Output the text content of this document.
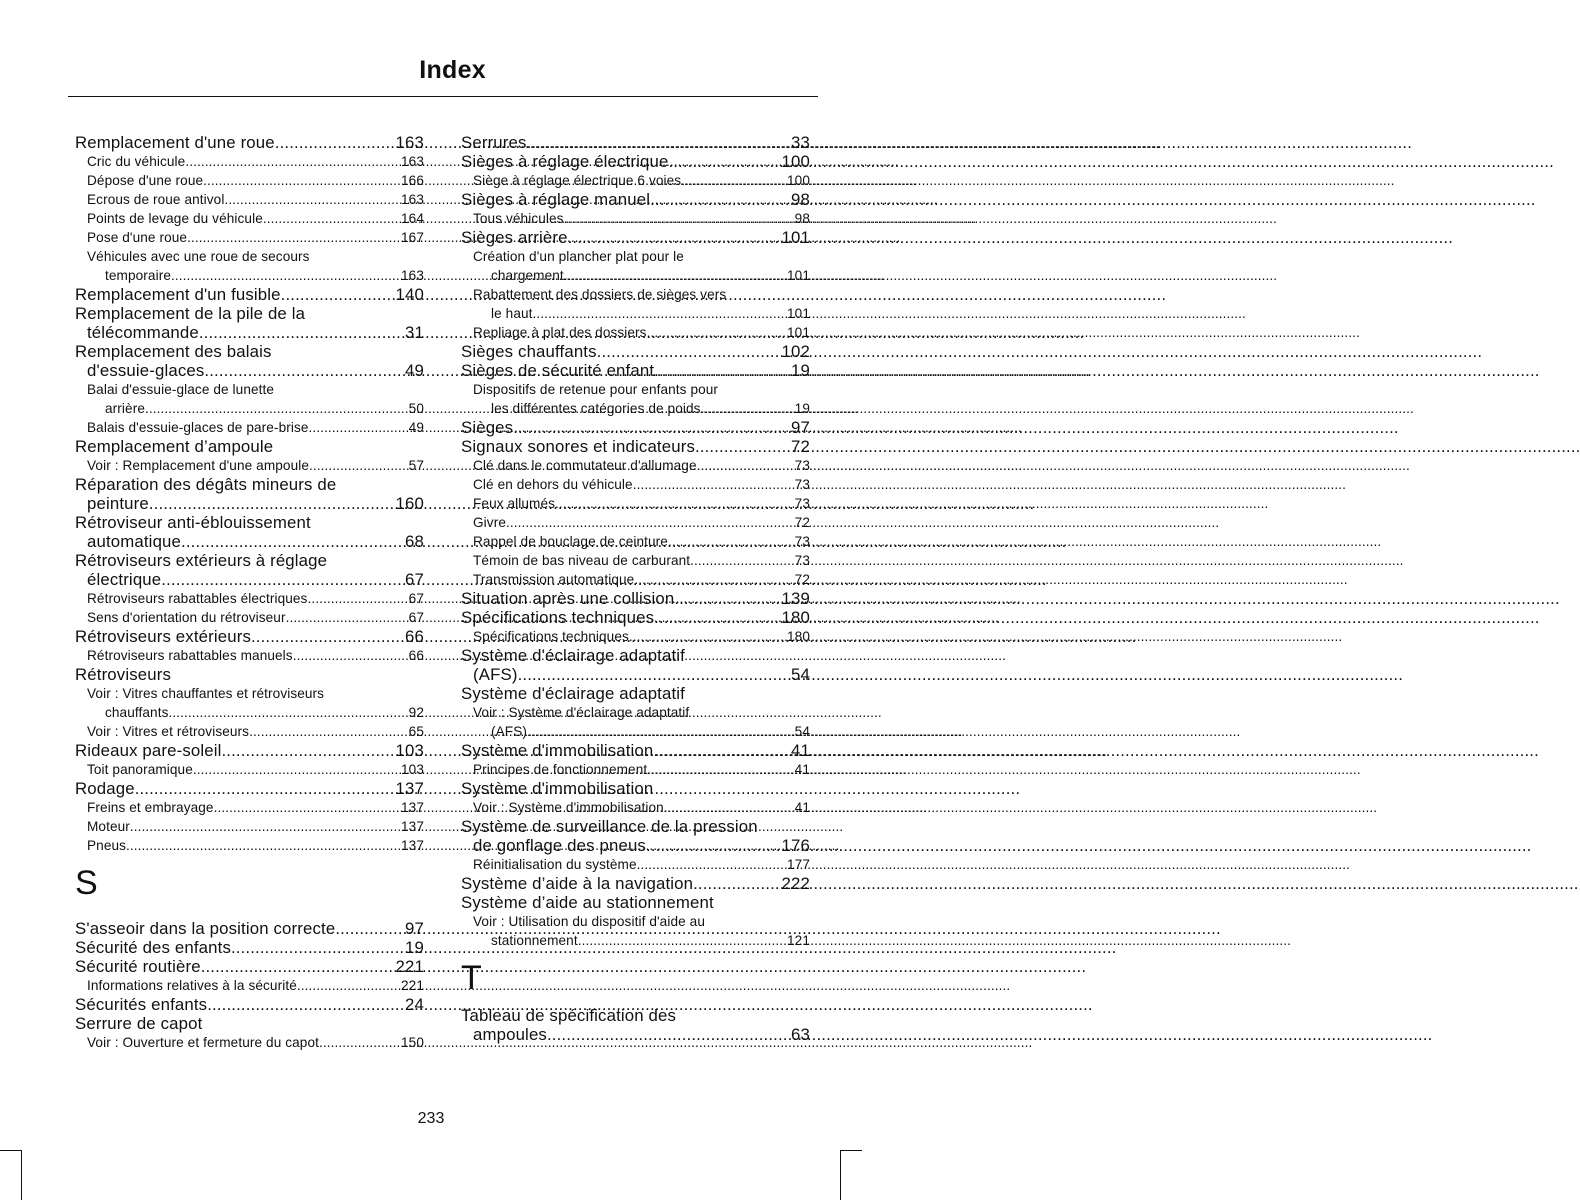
Index
Remplacement d'une roue .....	163
Cric du véhicule .....	163
Dépose d'une roue .....	166
Ecrous de roue antivol .....	163
Points de levage du véhicule .....	164
Pose d'une roue .....	167
Véhicules avec une roue de secours
temporaire .....	163
Remplacement d'un fusible .....	140
Remplacement de la pile de la
télécommande .....	31
Remplacement des balais
d'essuie-glaces .....	49
Balai d'essuie-glace de lunette
arrière .....	50
Balais d'essuie-glaces de pare-brise .....	49
Remplacement d’ampoule
Voir : Remplacement d'une ampoule .....	57
Réparation des dégâts mineurs de
peinture .....	160
Rétroviseur anti-éblouissement
automatique .....	68
Rétroviseurs extérieurs à réglage
électrique .....	67
Rétroviseurs rabattables électriques .....	67
Sens d'orientation du rétroviseur .....	67
Rétroviseurs extérieurs .....	66
Rétroviseurs rabattables manuels .....	66
Rétroviseurs
Voir : Vitres chauffantes et rétroviseurs
chauffants .....	92
Voir : Vitres et rétroviseurs .....	65
Rideaux pare-soleil .....	103
Toit panoramique .....	103
Rodage .....	137
Freins et embrayage .....	137
Moteur .....	137
Pneus .....	137
S
S'asseoir dans la position correcte .....	97
Sécurité des enfants .....	19
Sécurité routière .....	221
Informations relatives à la sécurité .....	221
Sécurités enfants .....	24
Serrure de capot
Voir : Ouverture et fermeture du capot .....	150
Serrures .....	33
Sièges à réglage électrique .....	100
Siège à réglage électrique 6 voies .....	100
Sièges à réglage manuel .....	98
Tous véhicules .....	98
Sièges arrière .....	101
Création d'un plancher plat pour le
chargement .....	101
Rabattement des dossiers de sièges vers
le haut .....	101
Repliage à plat des dossiers .....	101
Sièges chauffants .....	102
Sièges de sécurité enfant .....	19
Dispositifs de retenue pour enfants pour
les différentes catégories de poids .....	19
Sièges .....	97
Signaux sonores et indicateurs .....	72
Clé dans le commutateur d'allumage .....	73
Clé en dehors du véhicule .....	73
Feux allumés .....	73
Givre .....	72
Rappel de bouclage de ceinture .....	73
Témoin de bas niveau de carburant .....	73
Transmission automatique .....	72
Situation après une collision .....	139
Spécifications techniques .....	180
Spécifications techniques .....	180
Système d'éclairage adaptatif
(AFS) .....	54
Système d'éclairage adaptatif
Voir : Système d'éclairage adaptatif
(AFS) .....	54
Système d'immobilisation .....	41
Principes de fonctionnement .....	41
Système d'immobilisation
Voir : Système d'immobilisation .....	41
Système de surveillance de la pression
de gonflage des pneus .....	176
Réinitialisation du système .....	177
Système d’aide à la navigation .....	222
Système d’aide au stationnement
Voir : Utilisation du dispositif d'aide au
stationnement .....	121
T
Tableau de spécification des
ampoules .....	63
233
